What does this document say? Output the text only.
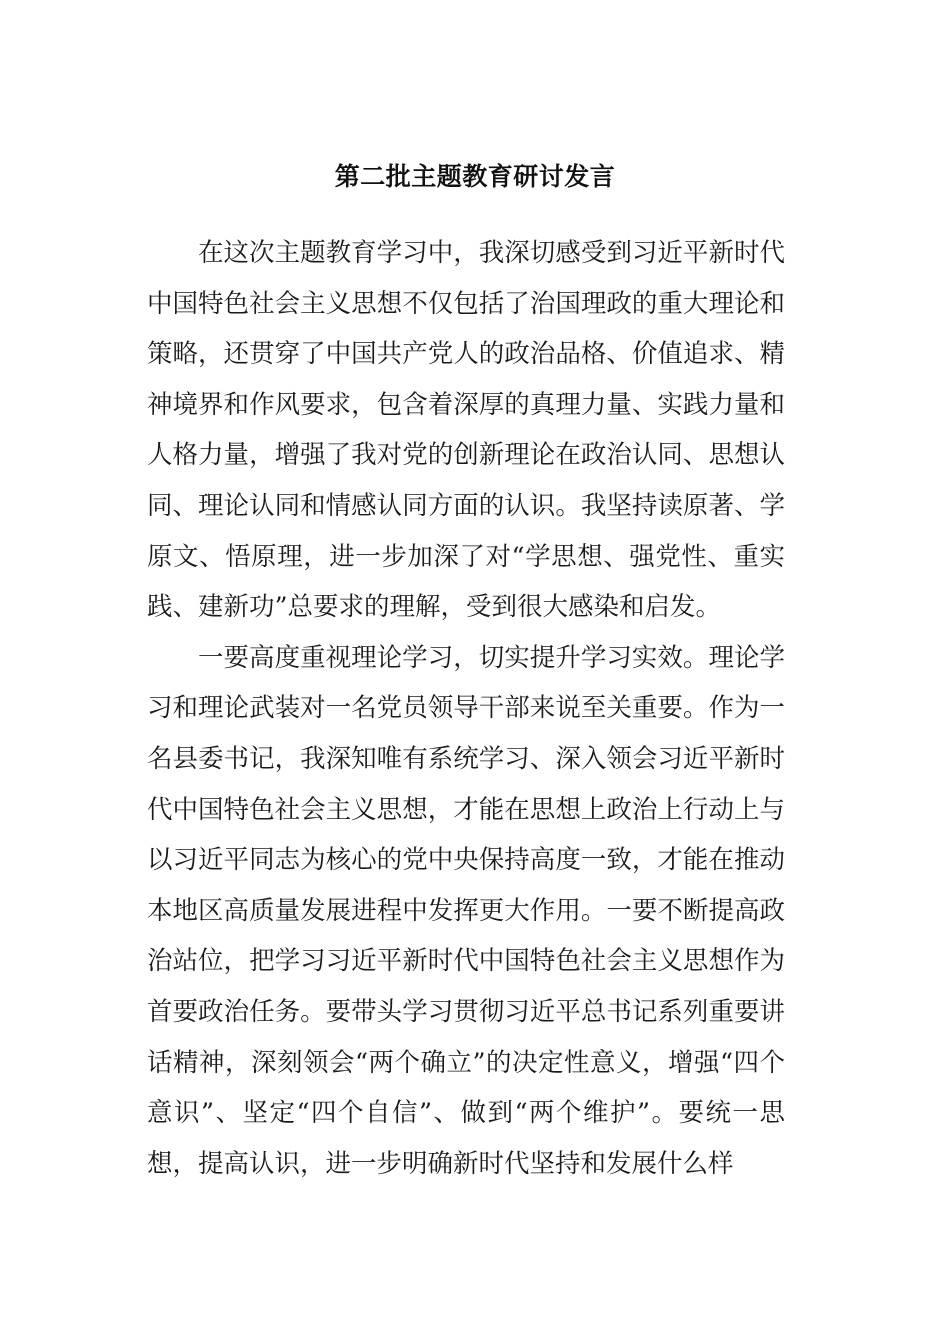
第二批主题教育研讨发言

在这次主题教育学习中，我深切感受到习近平新时代中国特色社会主义思想不仅包括了治国理政的重大理论和策略，还贯穿了中国共产党人的政治品格、价值追求、精神境界和作风要求，包含着深厚的真理力量、实践力量和人格力量，增强了我对党的创新理论在政治认同、思想认同、理论认同和情感认同方面的认识。我坚持读原著、学原文、悟原理，进一步加深了对“学思想、强党性、重实践、建新功”总要求的理解，受到很大感染和启发。

一要高度重视理论学习，切实提升学习实效。理论学习和理论武装对一名党员领导干部来说至关重要。作为一名县委书记，我深知唯有系统学习、深入领会习近平新时代中国特色社会主义思想，才能在思想上政治上行动上与以习近平同志为核心的党中央保持高度一致，才能在推动本地区高质量发展进程中发挥更大作用。一要不断提高政治站位，把学习习近平新时代中国特色社会主义思想作为首要政治任务。要带头学习贯彻习近平总书记系列重要讲话精神，深刻领会“两个确立”的决定性意义，增强“四个意识”、坚定“四个自信”、做到“两个维护”。要统一思想，提高认识，进一步明确新时代坚持和发展什么样
